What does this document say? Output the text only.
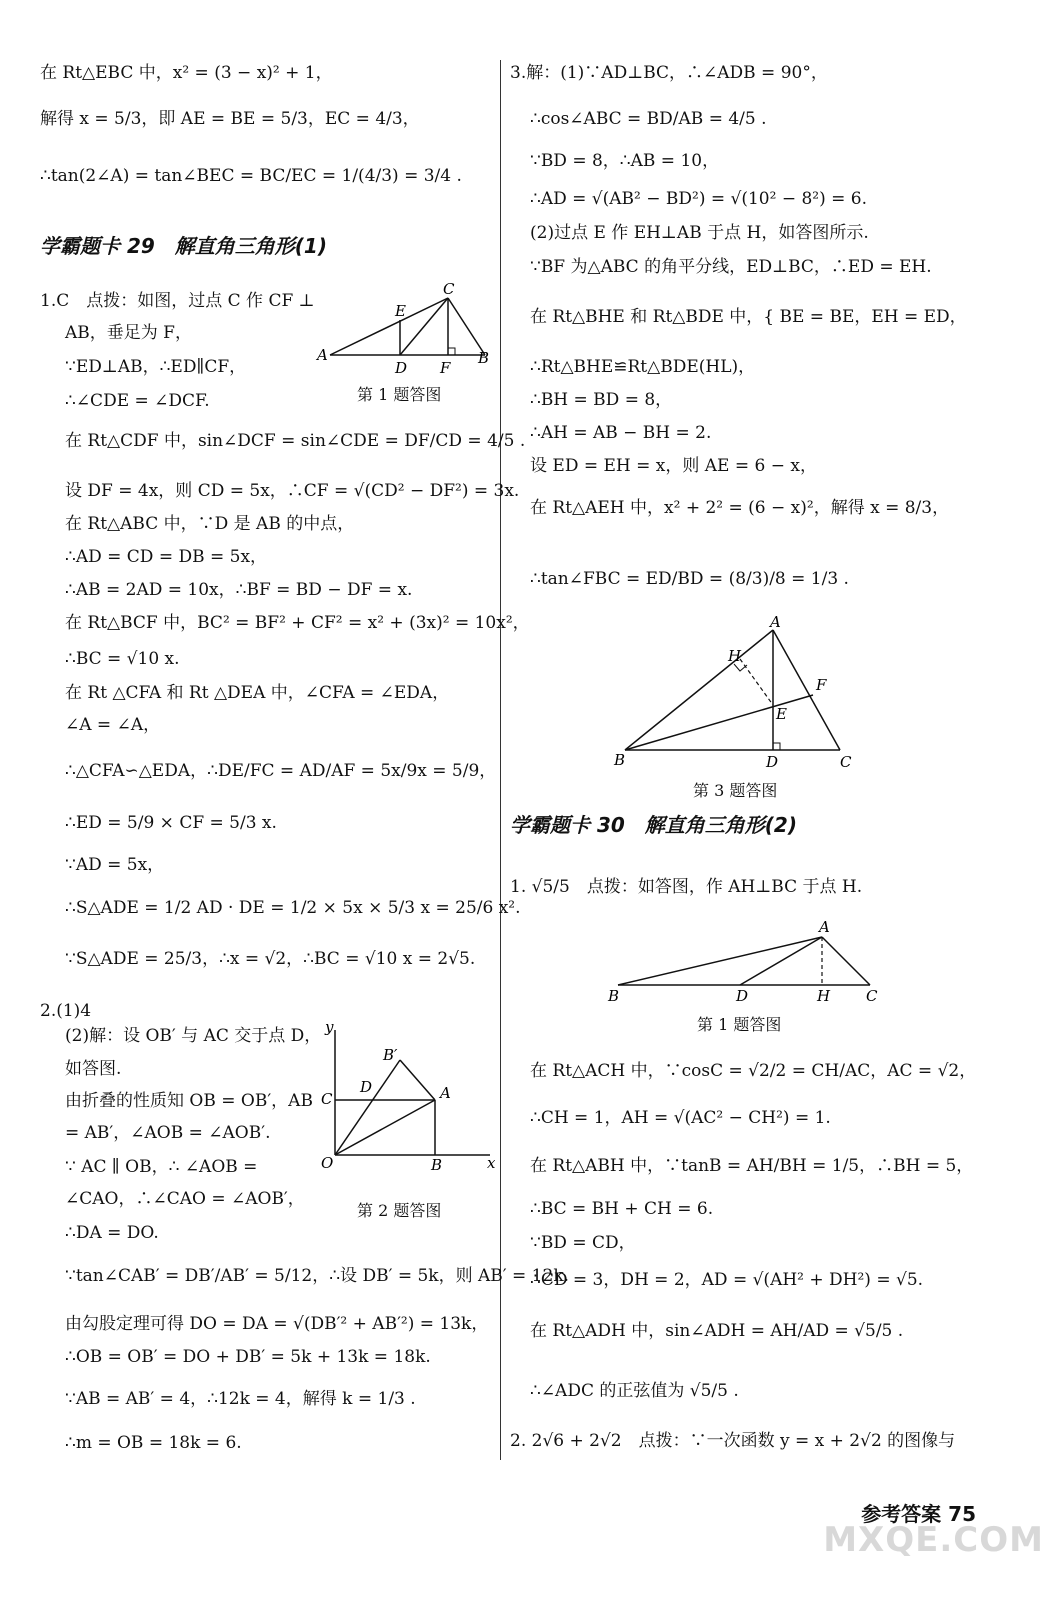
A
E
C
D F
B
第 1 题答图
y
x
O
C
D
B′
A
B
第 2 题答图
A
H
F
E
B	D	C
第 3 题答图
A
B	D	H C
第 1 题答图
参考答案 75
MXQE.COM
在 Rt△EBC 中，x² = (3 − x)² + 1，
解得 x = 5/3，即 AE = BE = 5/3，EC = 4/3，
∴tan(2∠A) = tan∠BEC = BC/EC = 1/(4/3) = 3/4 .
学霸题卡 29　解直角三角形(1)
1.C　点拨：如图，过点 C 作 CF ⊥
AB，垂足为 F，
∵ED⊥AB，∴ED∥CF，
∴∠CDE = ∠DCF.
在 Rt△CDF 中，sin∠DCF = sin∠CDE = DF/CD = 4/5 .
设 DF = 4x，则 CD = 5x，∴CF = √(CD² − DF²) = 3x.
在 Rt△ABC 中，∵D 是 AB 的中点，
∴AD = CD = DB = 5x，
∴AB = 2AD = 10x，∴BF = BD − DF = x.
在 Rt△BCF 中，BC² = BF² + CF² = x² + (3x)² = 10x²，
∴BC = √10 x.
在 Rt △CFA 和 Rt △DEA 中，∠CFA = ∠EDA，
∠A = ∠A，
∴△CFA∽△EDA，∴DE/FC = AD/AF = 5x/9x = 5/9，
∴ED = 5/9 × CF = 5/3 x.
∵AD = 5x，
∴S△ADE = 1/2 AD · DE = 1/2 × 5x × 5/3 x = 25/6 x².
∵S△ADE = 25/3，∴x = √2，∴BC = √10 x = 2√5.
2.(1)4
(2)解：设 OB′ 与 AC 交于点 D，
如答图.
由折叠的性质知 OB = OB′，AB
= AB′，∠AOB = ∠AOB′.
∵ AC ∥ OB，∴ ∠AOB =
∠CAO，∴∠CAO = ∠AOB′，
∴DA = DO.
∵tan∠CAB′ = DB′/AB′ = 5/12，∴设 DB′ = 5k，则 AB′ = 12k.
由勾股定理可得 DO = DA = √(DB′² + AB′²) = 13k，
∴OB = OB′ = DO + DB′ = 5k + 13k = 18k.
∵AB = AB′ = 4，∴12k = 4，解得 k = 1/3 .
∴m = OB = 18k = 6.
3.解：(1)∵AD⊥BC，∴∠ADB = 90°，
∴cos∠ABC = BD/AB = 4/5 .
∵BD = 8，∴AB = 10，
∴AD = √(AB² − BD²) = √(10² − 8²) = 6.
(2)过点 E 作 EH⊥AB 于点 H，如答图所示.
∵BF 为△ABC 的角平分线，ED⊥BC，∴ED = EH.
在 Rt△BHE 和 Rt△BDE 中，{ BE = BE，EH = ED，
∴Rt△BHE≌Rt△BDE(HL)，
∴BH = BD = 8，
∴AH = AB − BH = 2.
设 ED = EH = x，则 AE = 6 − x，
在 Rt△AEH 中，x² + 2² = (6 − x)²，解得 x = 8/3，
∴tan∠FBC = ED/BD = (8/3)/8 = 1/3 .
学霸题卡 30　解直角三角形(2)
1. √5/5　点拨：如答图，作 AH⊥BC 于点 H.
在 Rt△ACH 中，∵cosC = √2/2 = CH/AC，AC = √2，
∴CH = 1，AH = √(AC² − CH²) = 1.
在 Rt△ABH 中，∵tanB = AH/BH = 1/5，∴BH = 5，
∴BC = BH + CH = 6.
∵BD = CD，
∴CD = 3，DH = 2，AD = √(AH² + DH²) = √5.
在 Rt△ADH 中，sin∠ADH = AH/AD = √5/5 .
∴∠ADC 的正弦值为 √5/5 .
2. 2√6 + 2√2　点拨：∵一次函数 y = x + 2√2 的图像与
